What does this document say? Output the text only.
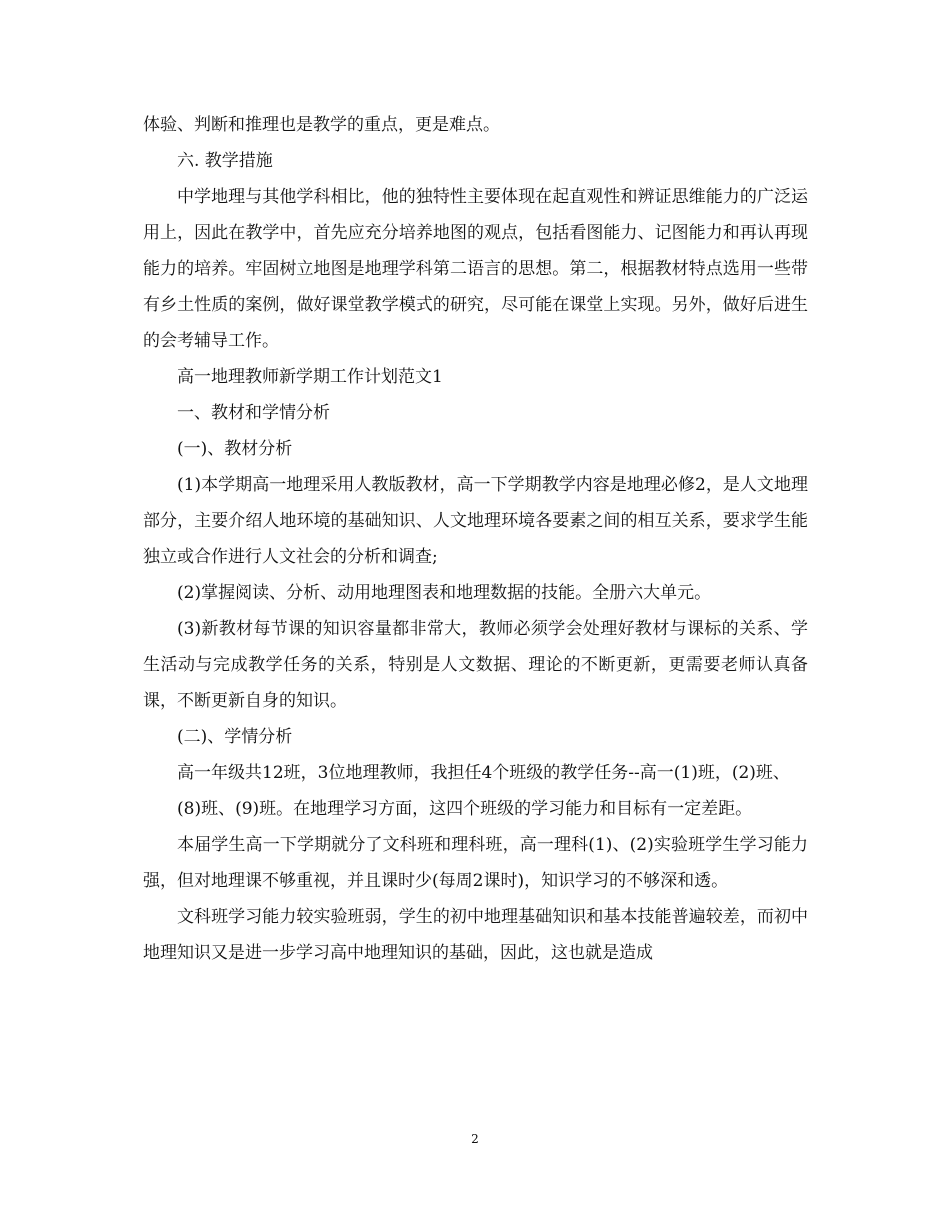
体验、判断和推理也是教学的重点，更是难点。

六. 教学措施

中学地理与其他学科相比，他的独特性主要体现在起直观性和辨证思维能力的广泛运用上，因此在教学中，首先应充分培养地图的观点，包括看图能力、记图能力和再认再现能力的培养。牢固树立地图是地理学科第二语言的思想。第二，根据教材特点选用一些带有乡土性质的案例，做好课堂教学模式的研究，尽可能在课堂上实现。另外，做好后进生的会考辅导工作。

高一地理教师新学期工作计划范文1

一、教材和学情分析

(一)、教材分析

(1)本学期高一地理采用人教版教材，高一下学期教学内容是地理必修2，是人文地理部分，主要介绍人地环境的基础知识、人文地理环境各要素之间的相互关系，要求学生能独立或合作进行人文社会的分析和调查;

(2)掌握阅读、分析、动用地理图表和地理数据的技能。全册六大单元。

(3)新教材每节课的知识容量都非常大，教师必须学会处理好教材与课标的关系、学生活动与完成教学任务的关系，特别是人文数据、理论的不断更新，更需要老师认真备课，不断更新自身的知识。

(二)、学情分析

高一年级共12班，3位地理教师，我担任4个班级的教学任务--高一(1)班，(2)班、

(8)班、(9)班。在地理学习方面，这四个班级的学习能力和目标有一定差距。

本届学生高一下学期就分了文科班和理科班，高一理科(1)、(2)实验班学生学习能力强，但对地理课不够重视，并且课时少(每周2课时)，知识学习的不够深和透。

文科班学习能力较实验班弱，学生的初中地理基础知识和基本技能普遍较差，而初中地理知识又是进一步学习高中地理知识的基础，因此，这也就是造成

2
